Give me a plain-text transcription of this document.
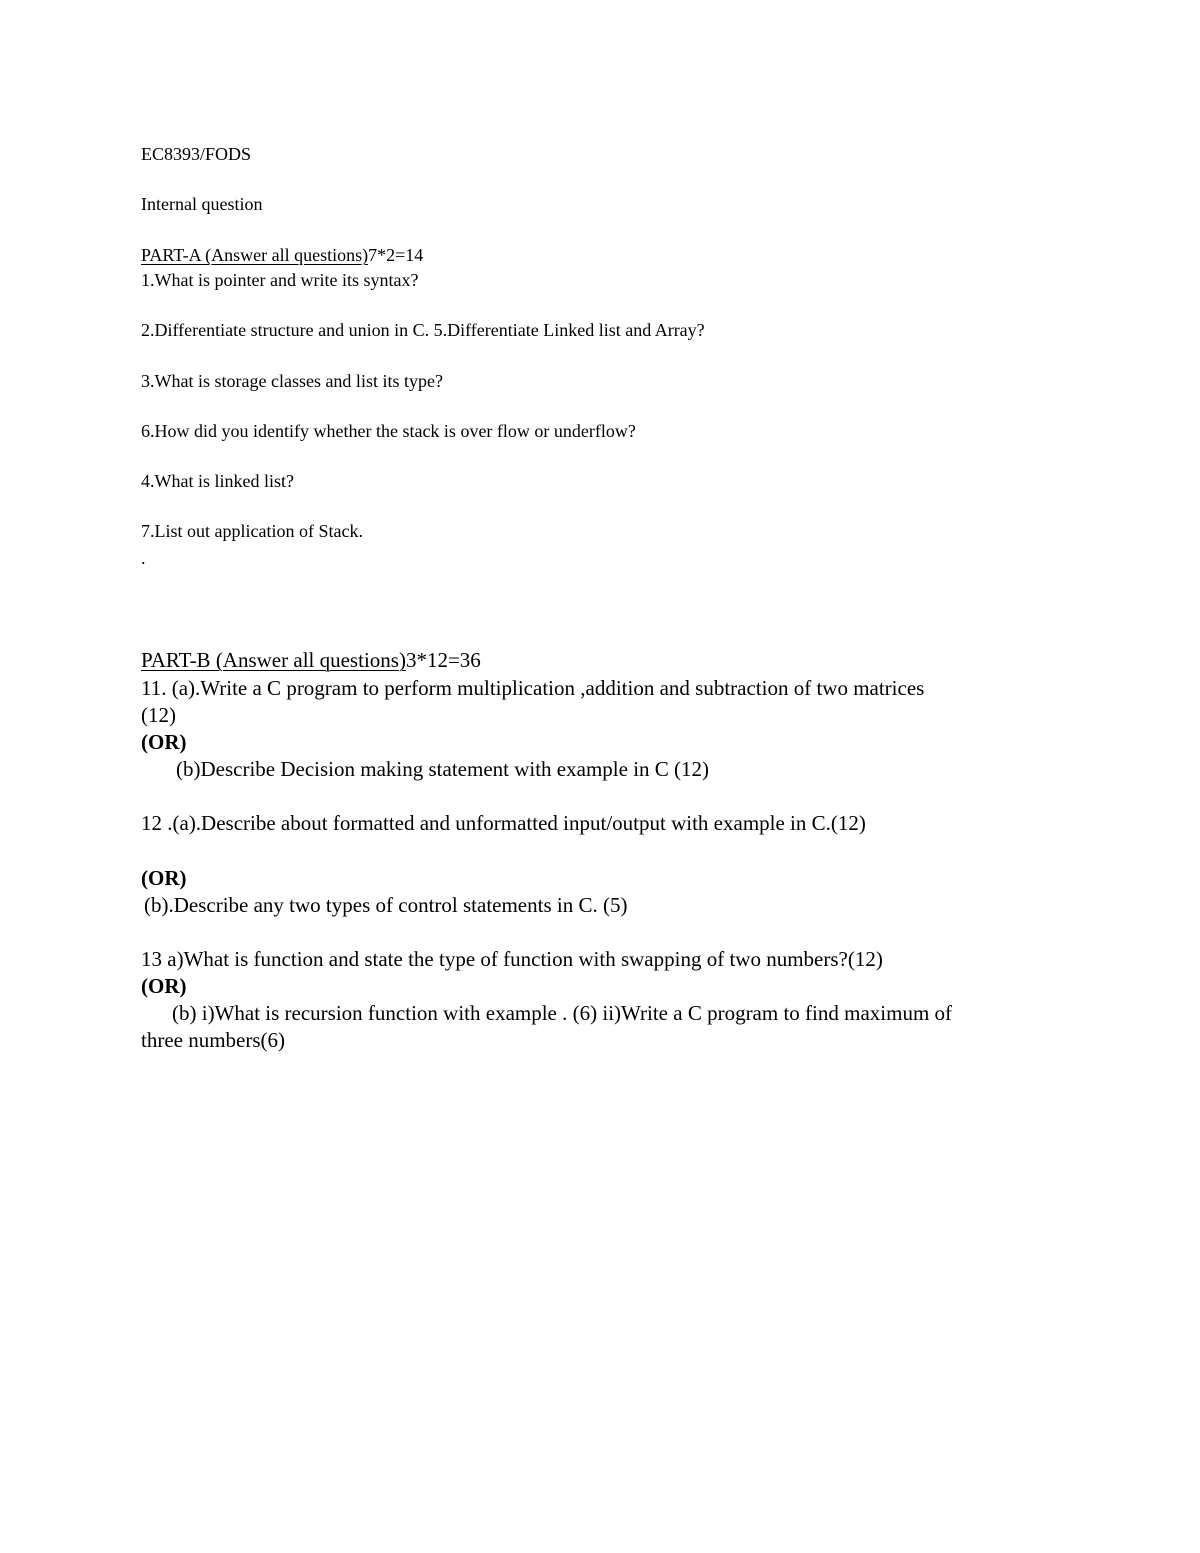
EC8393/FODS
Internal question
PART-A (Answer all questions)7*2=14
1.What is pointer and write its syntax?
2.Differentiate structure and union in C. 5.Differentiate Linked list and Array?
3.What is storage classes and list its type?
6.How did you identify whether the stack is over flow or underflow?
4.What is linked list?
7.List out application of Stack.
.
PART-B (Answer all questions)3*12=36
11. (a).Write a C program to perform multiplication ,addition and subtraction of two matrices
(12)
(OR)
(b)Describe Decision making statement with example in C (12)
12 .(a).Describe about formatted and unformatted input/output with example in C.(12)
(OR)
(b).Describe any two types of control statements in C. (5)
13 a)What is function and state the type of function with swapping of two numbers?(12)
(OR)
(b) i)What is recursion function with example . (6) ii)Write a C program to find maximum of
three numbers(6)
